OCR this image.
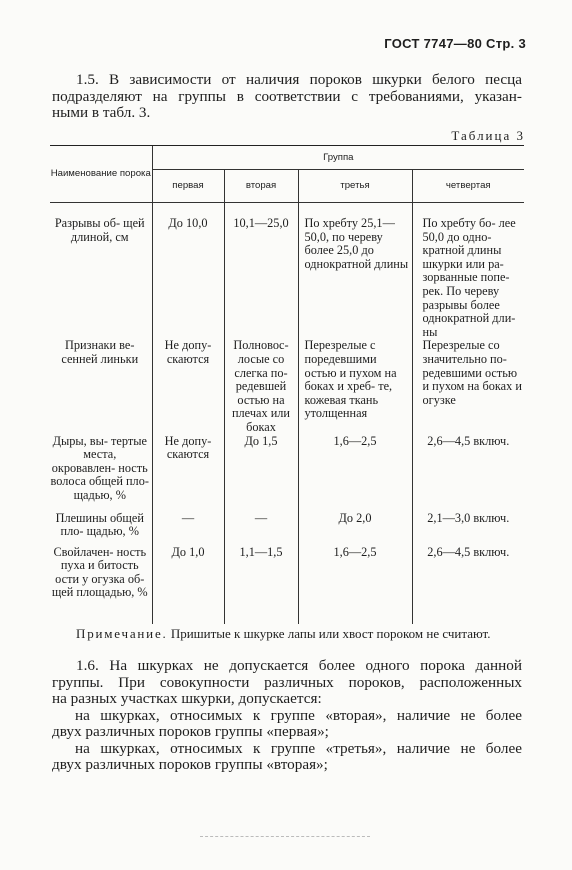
ГОСТ 7747—80 Стр. 3
1.5. В зависимости от наличия пороков шкурки белого песца
подразделяют на группы в соответствии с требованиями, указан-
ными в табл. 3.
Таблица 3
Наименование порока	Группа			
	первая	вторая	третья	четвертая

Разрывы об- щей длиной, см	До 10,0	10,1—25,0	По хребту 25,1—50,0, по череву более 25,0 до однократной длины	По хребту бо- лее 50,0 до одно- кратной длины шкурки или ра- зорванные попе- рек. По череву разрывы более однократной дли- ны
Признаки ве- сенней линьки	Не допу- скаются	Полновоc- лосые со слегка по- редевшей остью на плечах или боках	Перезрелые с поредевшими остью и пухом на боках и хреб- те, кожевая ткань утолщенная	Перезрелые со значительно по- редевшими остью и пухом на боках и огузке
Дыры, вы- тертые места, окровавлен- ность волоса общей пло- щадью, %	Не допу- скаются	До 1,5	1,6—2,5	2,6—4,5 включ.
Плешины общей пло- щадью, %	—	—	До 2,0	2,1—3,0 включ.
Свойлачен- ность пуха и битость ости у огузка об- щей площадью, %	До 1,0	1,1—1,5	1,6—2,5	2,6—4,5 включ.
Примечание. Пришитые к шкурке лапы или хвост пороком не считают.
1.6. На шкурках не допускается более одного порока данной
группы. При совокупности различных пороков, расположенных
на разных участках шкурки, допускается:
на шкурках, относимых к группе «вторая», наличие не более
двух различных пороков группы «первая»;
на шкурках, относимых к группе «третья», наличие не более
двух различных пороков группы «вторая»;
